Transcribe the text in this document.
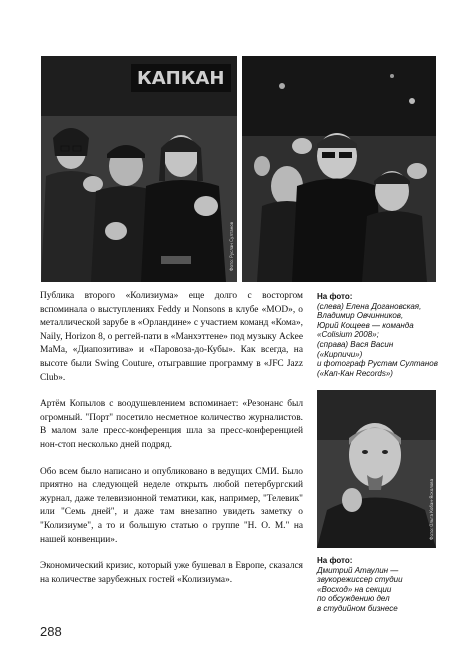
КАПКАН
Фото: Руслан Султанов
На фото:
(слева) Елена Догановская,
Владимир Овчинников,
Юрий Кощеев — команда
«Colisium 2008»;
(справа) Вася Васин
(«Кирпичи»)
и фотограф Рустам Султанов
(«Кап-Кан Records»)
Фото: Ольга Кобан-Ясколова
На фото:
Дмитрий Атаулин —
звукорежиссер студии
«Восход» на секции
по обсуждению дел
в студийном бизнесе

Публика второго «Колизиума» еще долго с восторгом вспоминала о выступлениях Feddy и Nonsons в клубе «MOD», о металлической зарубе в «Орландине» с участием команд «Кома», Naily, Horizon 8, о реггей-пати в «Манхэттене» под музыку Ackee MaMa, «Диапозитива» и «Паровоза-до-Кубы». Как всегда, на высоте были Swing Couture, отыгравшие программу в «JFC Jazz Club».

Артём Копылов с воодушевлением вспоминает: «Резонанс был огромный. "Порт" посетило несметное количество журналистов. В малом зале пресс-конференция шла за пресс-конференцией нон-стоп несколько дней подряд.

Обо всем было написано и опубликовано в ведущих СМИ. Было приятно на следующей неделе открыть любой петербургский журнал, даже телевизионной тематики, как, например, "Телевик" или "Семь дней", и даже там внезапно увидеть заметку о "Колизиуме", а то и большую статью о группе "Н. О. М." на нашей конвенции».

Экономический кризис, который уже бушевал в Европе, сказался на количестве зарубежных гостей «Колизиума».

288
